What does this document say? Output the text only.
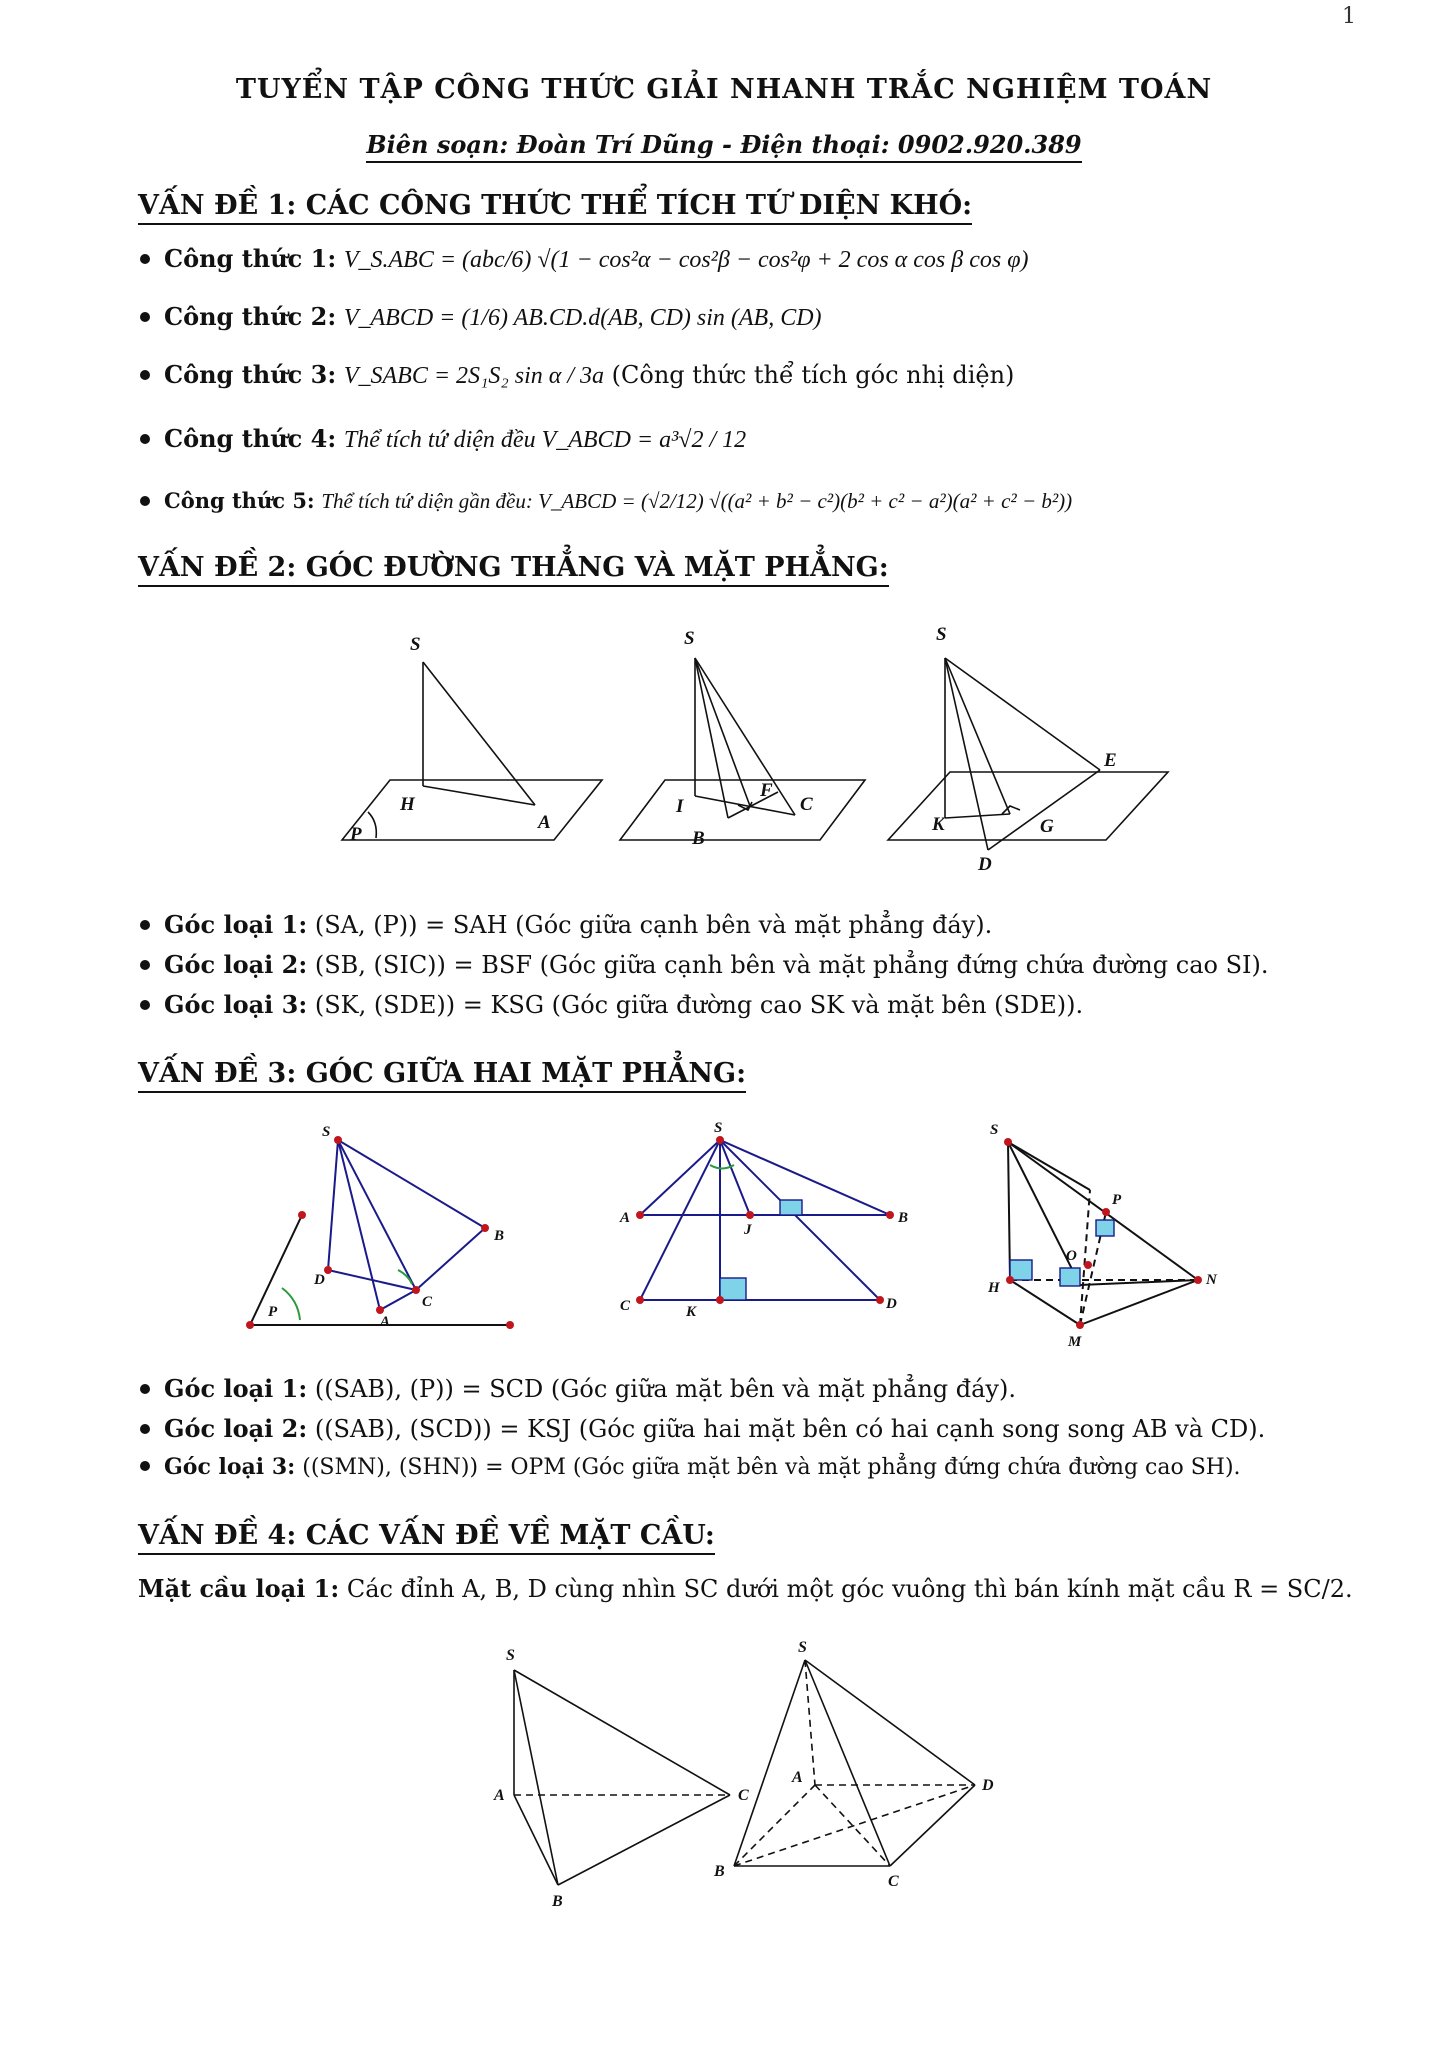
1
TUYỂN TẬP CÔNG THỨC GIẢI NHANH TRẮC NGHIỆM TOÁN
Biên soạn: Đoàn Trí Dũng - Điện thoại: 0902.920.389
VẤN ĐỀ 1: CÁC CÔNG THỨC THỂ TÍCH TỨ DIỆN KHÓ:
Công thức 1: V_S.ABC = (abc/6) √(1 − cos²α − cos²β − cos²φ + 2 cos α cos β cos φ)
Công thức 2: V_ABCD = (1/6) AB.CD.d(AB, CD) sin (AB, CD)
Công thức 3: V_SABC = 2S₁S₂ sin α / 3a (Công thức thể tích góc nhị diện)
Công thức 4: Thể tích tứ diện đều V_ABCD = a³√2 / 12
Công thức 5: Thể tích tứ diện gần đều: V_ABCD = (√2/12) √((a² + b² − c²)(b² + c² − a²)(a² + c² − b²))
VẤN ĐỀ 2: GÓC ĐƯỜNG THẲNG VÀ MẶT PHẲNG:
S
H
A
P
S
I
F
C
B
S
E
K	G
D
Góc loại 1: (SA, (P)) = SAH (Góc giữa cạnh bên và mặt phẳng đáy).
Góc loại 2: (SB, (SIC)) = BSF (Góc giữa cạnh bên và mặt phẳng đứng chứa đường cao SI).
Góc loại 3: (SK, (SDE)) = KSG (Góc giữa đường cao SK và mặt bên (SDE)).
VẤN ĐỀ 3: GÓC GIỮA HAI MẶT PHẲNG:
S
B
D
C
P
A
S
A	B
J
C	K	D
S
P
O
H	N
M
Góc loại 1: ((SAB), (P)) = SCD (Góc giữa mặt bên và mặt phẳng đáy).
Góc loại 2: ((SAB), (SCD)) = KSJ (Góc giữa hai mặt bên có hai cạnh song song AB và CD).
Góc loại 3: ((SMN), (SHN)) = OPM (Góc giữa mặt bên và mặt phẳng đứng chứa đường cao SH).
VẤN ĐỀ 4: CÁC VẤN ĐỀ VỀ MẶT CẦU:
Mặt cầu loại 1: Các đỉnh A, B, D cùng nhìn SC dưới một góc vuông thì bán kính mặt cầu R = SC/2.
S
A	C
B
S
A	D
B
C
